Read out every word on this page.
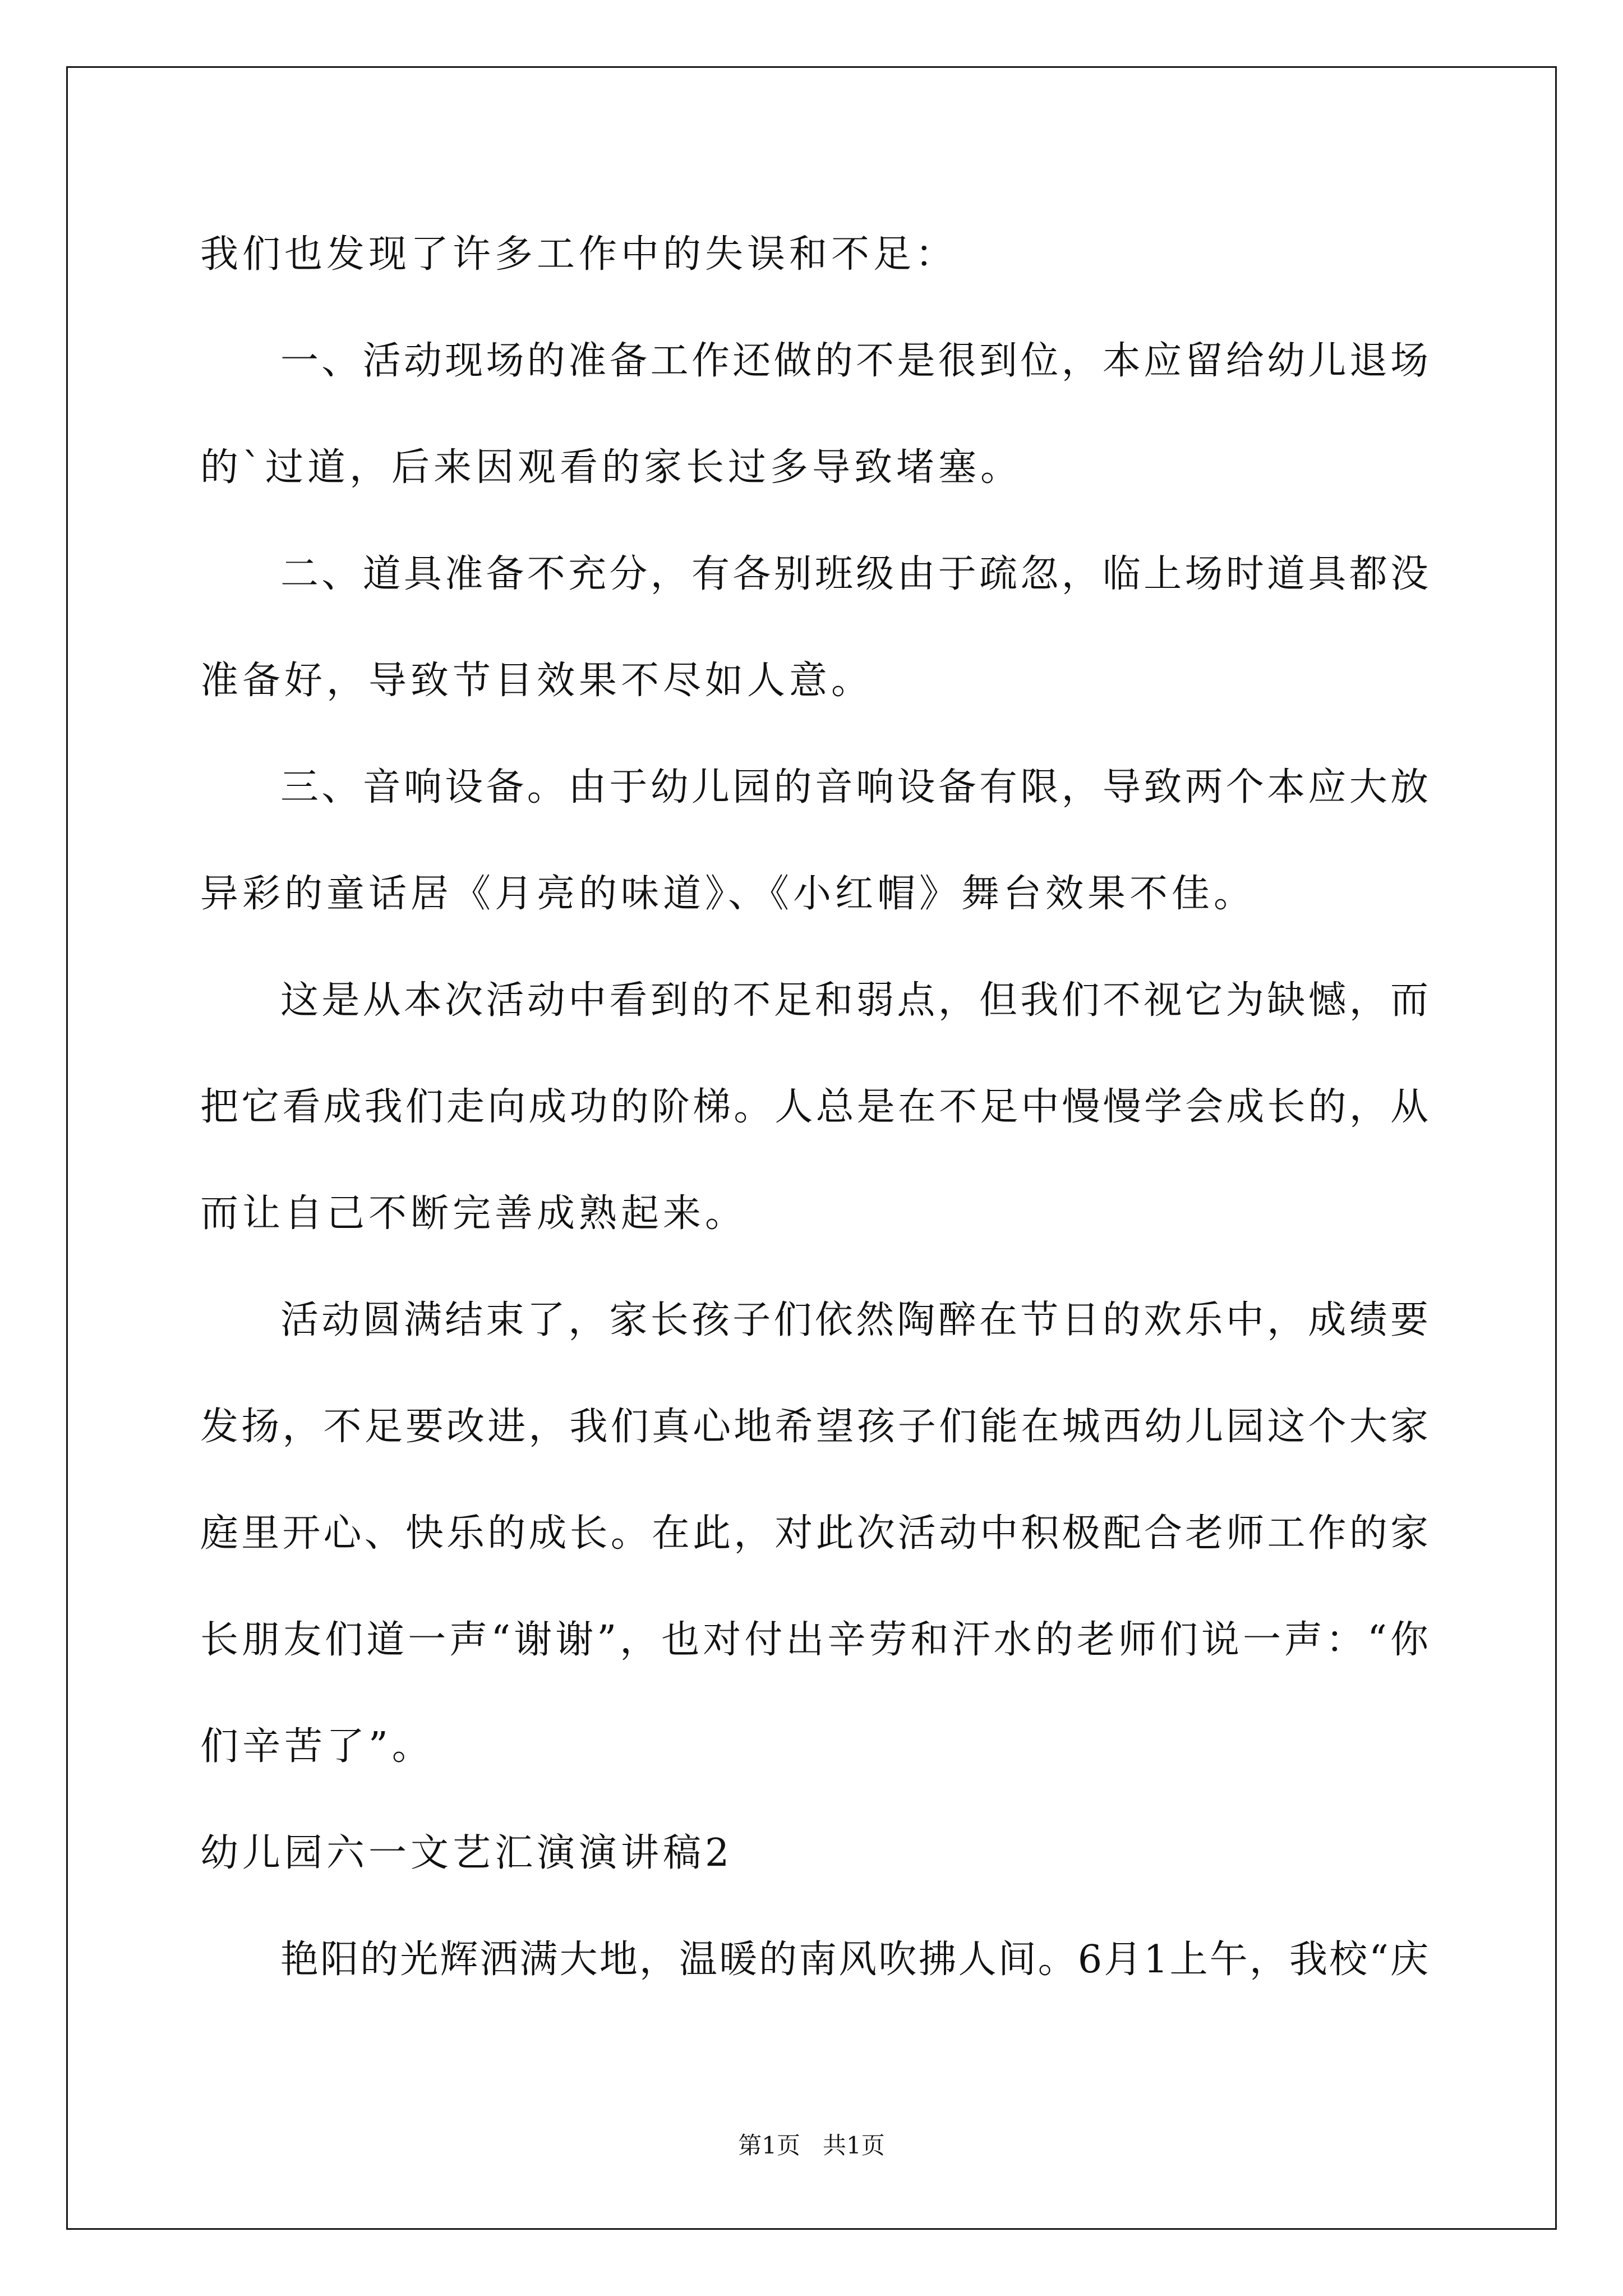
我们也发现了许多工作中的失误和不足：
一、活动现场的准备工作还做的不是很到位，本应留给幼儿退场
的`过道，后来因观看的家长过多导致堵塞。
二、道具准备不充分，有各别班级由于疏忽，临上场时道具都没
准备好，导致节目效果不尽如人意。
三、音响设备。由于幼儿园的音响设备有限，导致两个本应大放
异彩的童话居《月亮的味道》、《小红帽》舞台效果不佳。
这是从本次活动中看到的不足和弱点，但我们不视它为缺憾，而
把它看成我们走向成功的阶梯。人总是在不足中慢慢学会成长的，从
而让自己不断完善成熟起来。
活动圆满结束了，家长孩子们依然陶醉在节日的欢乐中，成绩要
发扬，不足要改进，我们真心地希望孩子们能在城西幼儿园这个大家
庭里开心、快乐的成长。在此，对此次活动中积极配合老师工作的家
长朋友们道一声“谢谢”，也对付出辛劳和汗水的老师们说一声：“你
们辛苦了”。
幼儿园六一文艺汇演演讲稿2
艳阳的光辉洒满大地，温暖的南风吹拂人间。6月1上午，我校“庆
第1页   共1页
